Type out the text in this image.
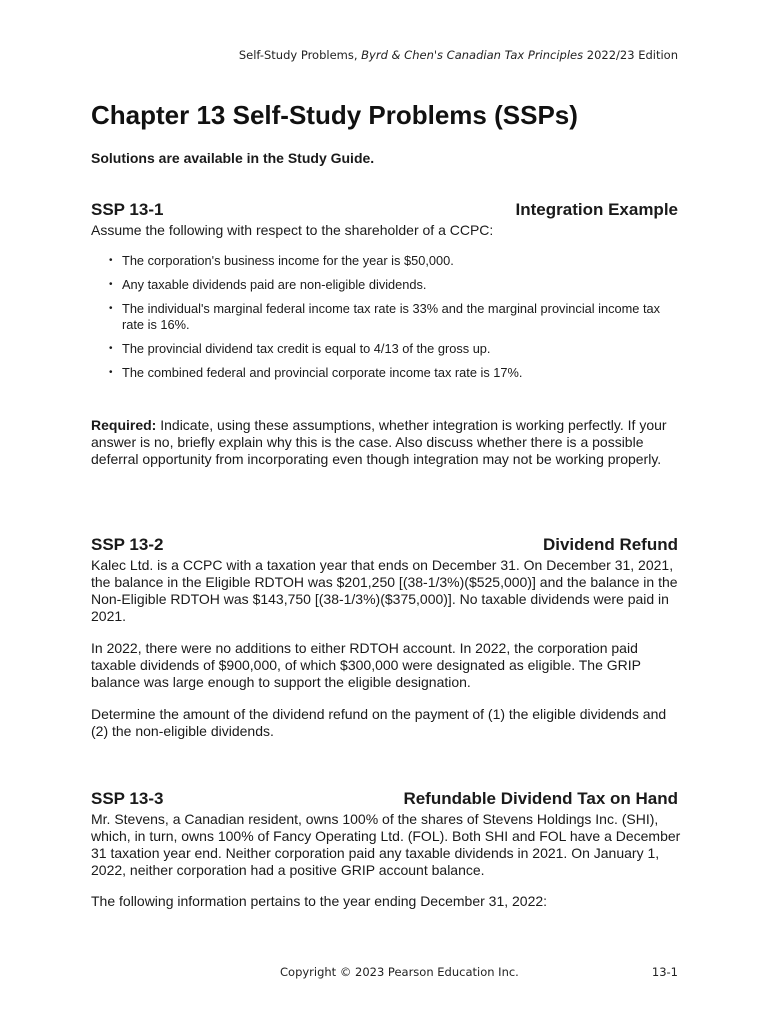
Self-Study Problems, Byrd & Chen's Canadian Tax Principles 2022/23 Edition
Chapter 13 Self-Study Problems (SSPs)

Solutions are available in the Study Guide.

SSP 13-1	Integration Example

Assume the following with respect to the shareholder of a CCPC:

• The corporation's business income for the year is $50,000.
• Any taxable dividends paid are non-eligible dividends.
• The individual's marginal federal income tax rate is 33% and the marginal provincial income tax rate is 16%.
• The provincial dividend tax credit is equal to 4/13 of the gross up.
• The combined federal and provincial corporate income tax rate is 17%.

Required: Indicate, using these assumptions, whether integration is working perfectly. If your answer is no, briefly explain why this is the case. Also discuss whether there is a possible deferral opportunity from incorporating even though integration may not be working properly.

SSP 13-2	Dividend Refund

Kalec Ltd. is a CCPC with a taxation year that ends on December 31. On December 31, 2021, the balance in the Eligible RDTOH was $201,250 [(38-1/3%)($525,000)] and the balance in the Non-Eligible RDTOH was $143,750 [(38-1/3%)($375,000)]. No taxable dividends were paid in 2021.

In 2022, there were no additions to either RDTOH account. In 2022, the corporation paid taxable dividends of $900,000, of which $300,000 were designated as eligible. The GRIP balance was large enough to support the eligible designation.

Determine the amount of the dividend refund on the payment of (1) the eligible dividends and (2) the non-eligible dividends.

SSP 13-3	Refundable Dividend Tax on Hand

Mr. Stevens, a Canadian resident, owns 100% of the shares of Stevens Holdings Inc. (SHI), which, in turn, owns 100% of Fancy Operating Ltd. (FOL). Both SHI and FOL have a December 31 taxation year end. Neither corporation paid any taxable dividends in 2021. On January 1, 2022, neither corporation had a positive GRIP account balance.

The following information pertains to the year ending December 31, 2022:

Copyright © 2023 Pearson Education Inc.	13-1
